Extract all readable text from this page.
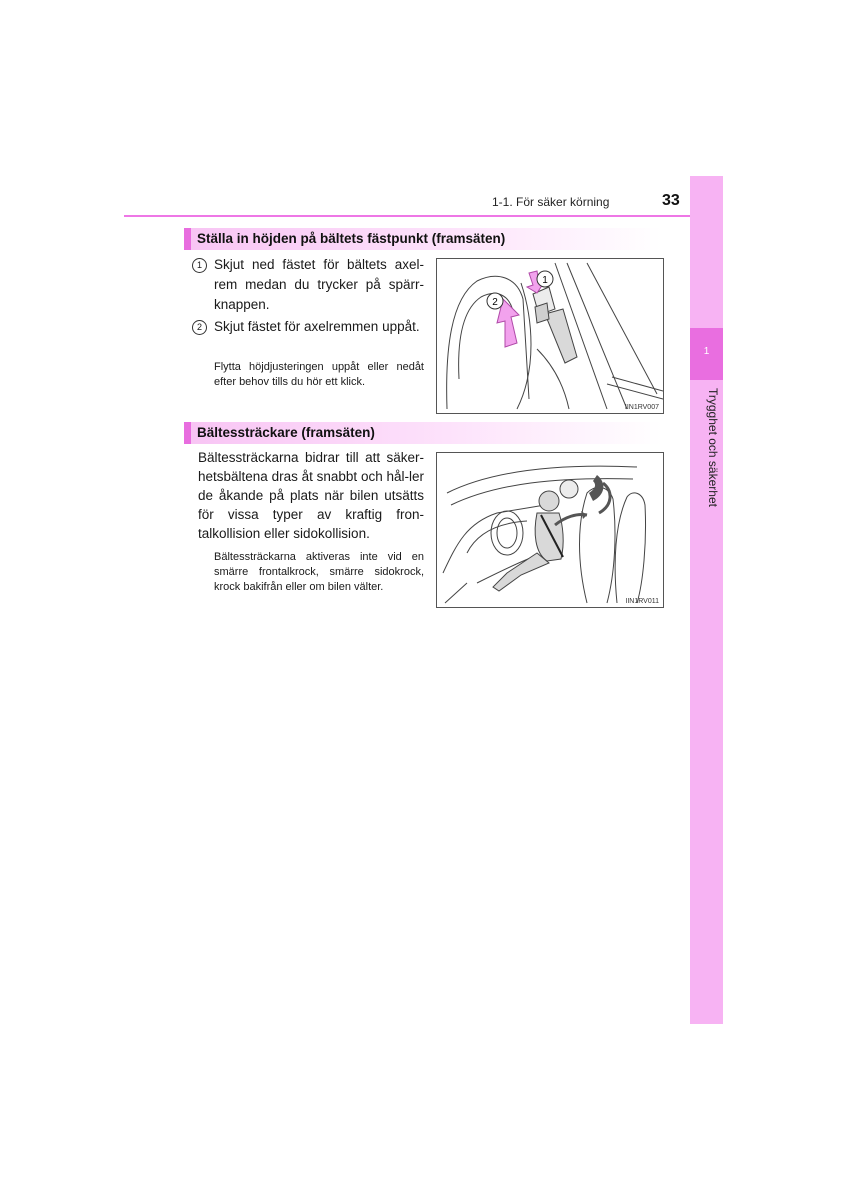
1-1. För säker körning	33
1
Trygghet och säkerhet
Ställa in höjden på bältets fästpunkt (framsäten)
1 Skjut ned fästet för bältets axel-rem medan du trycker på spärr-knappen.
2 Skjut fästet för axelremmen uppåt.
Flytta höjdjusteringen uppåt eller nedåt efter behov tills du hör ett klick.
1
2
IIN1RV007
Bältessträckare (framsäten)
Bältessträckarna bidrar till att säker-hetsbältena dras åt snabbt och hål-ler de åkande på plats när bilen utsätts för vissa typer av kraftig fron-talkollision eller sidokollision.
Bältessträckarna aktiveras inte vid en smärre frontalkrock, smärre sidokrock, krock bakifrån eller om bilen välter.
IIN1RV011
